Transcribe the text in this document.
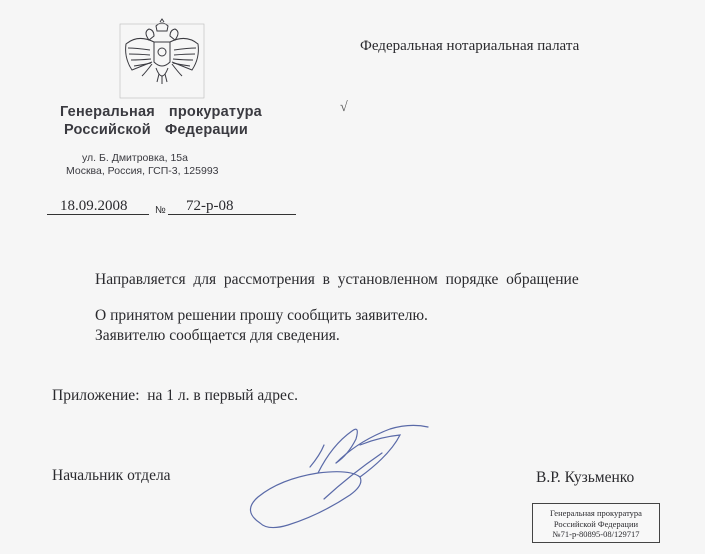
Генеральная прокуратура
Российской Федерации
ул. Б. Дмитровка, 15а
Москва, Россия, ГСП-3, 125993
18.09.2008	№ 72-р-08
Федеральная нотариальная палата
√
Направляется  для  рассмотрения  в  установленном  порядке  обращение
О принятом решении прошу сообщить заявителю.
Заявителю сообщается для сведения.
Приложение:  на 1 л. в первый адрес.
Начальник отдела	В.Р. Кузьменко
Генеральная прокуратура
Российской Федерации
№71-р-80895-08/129717
